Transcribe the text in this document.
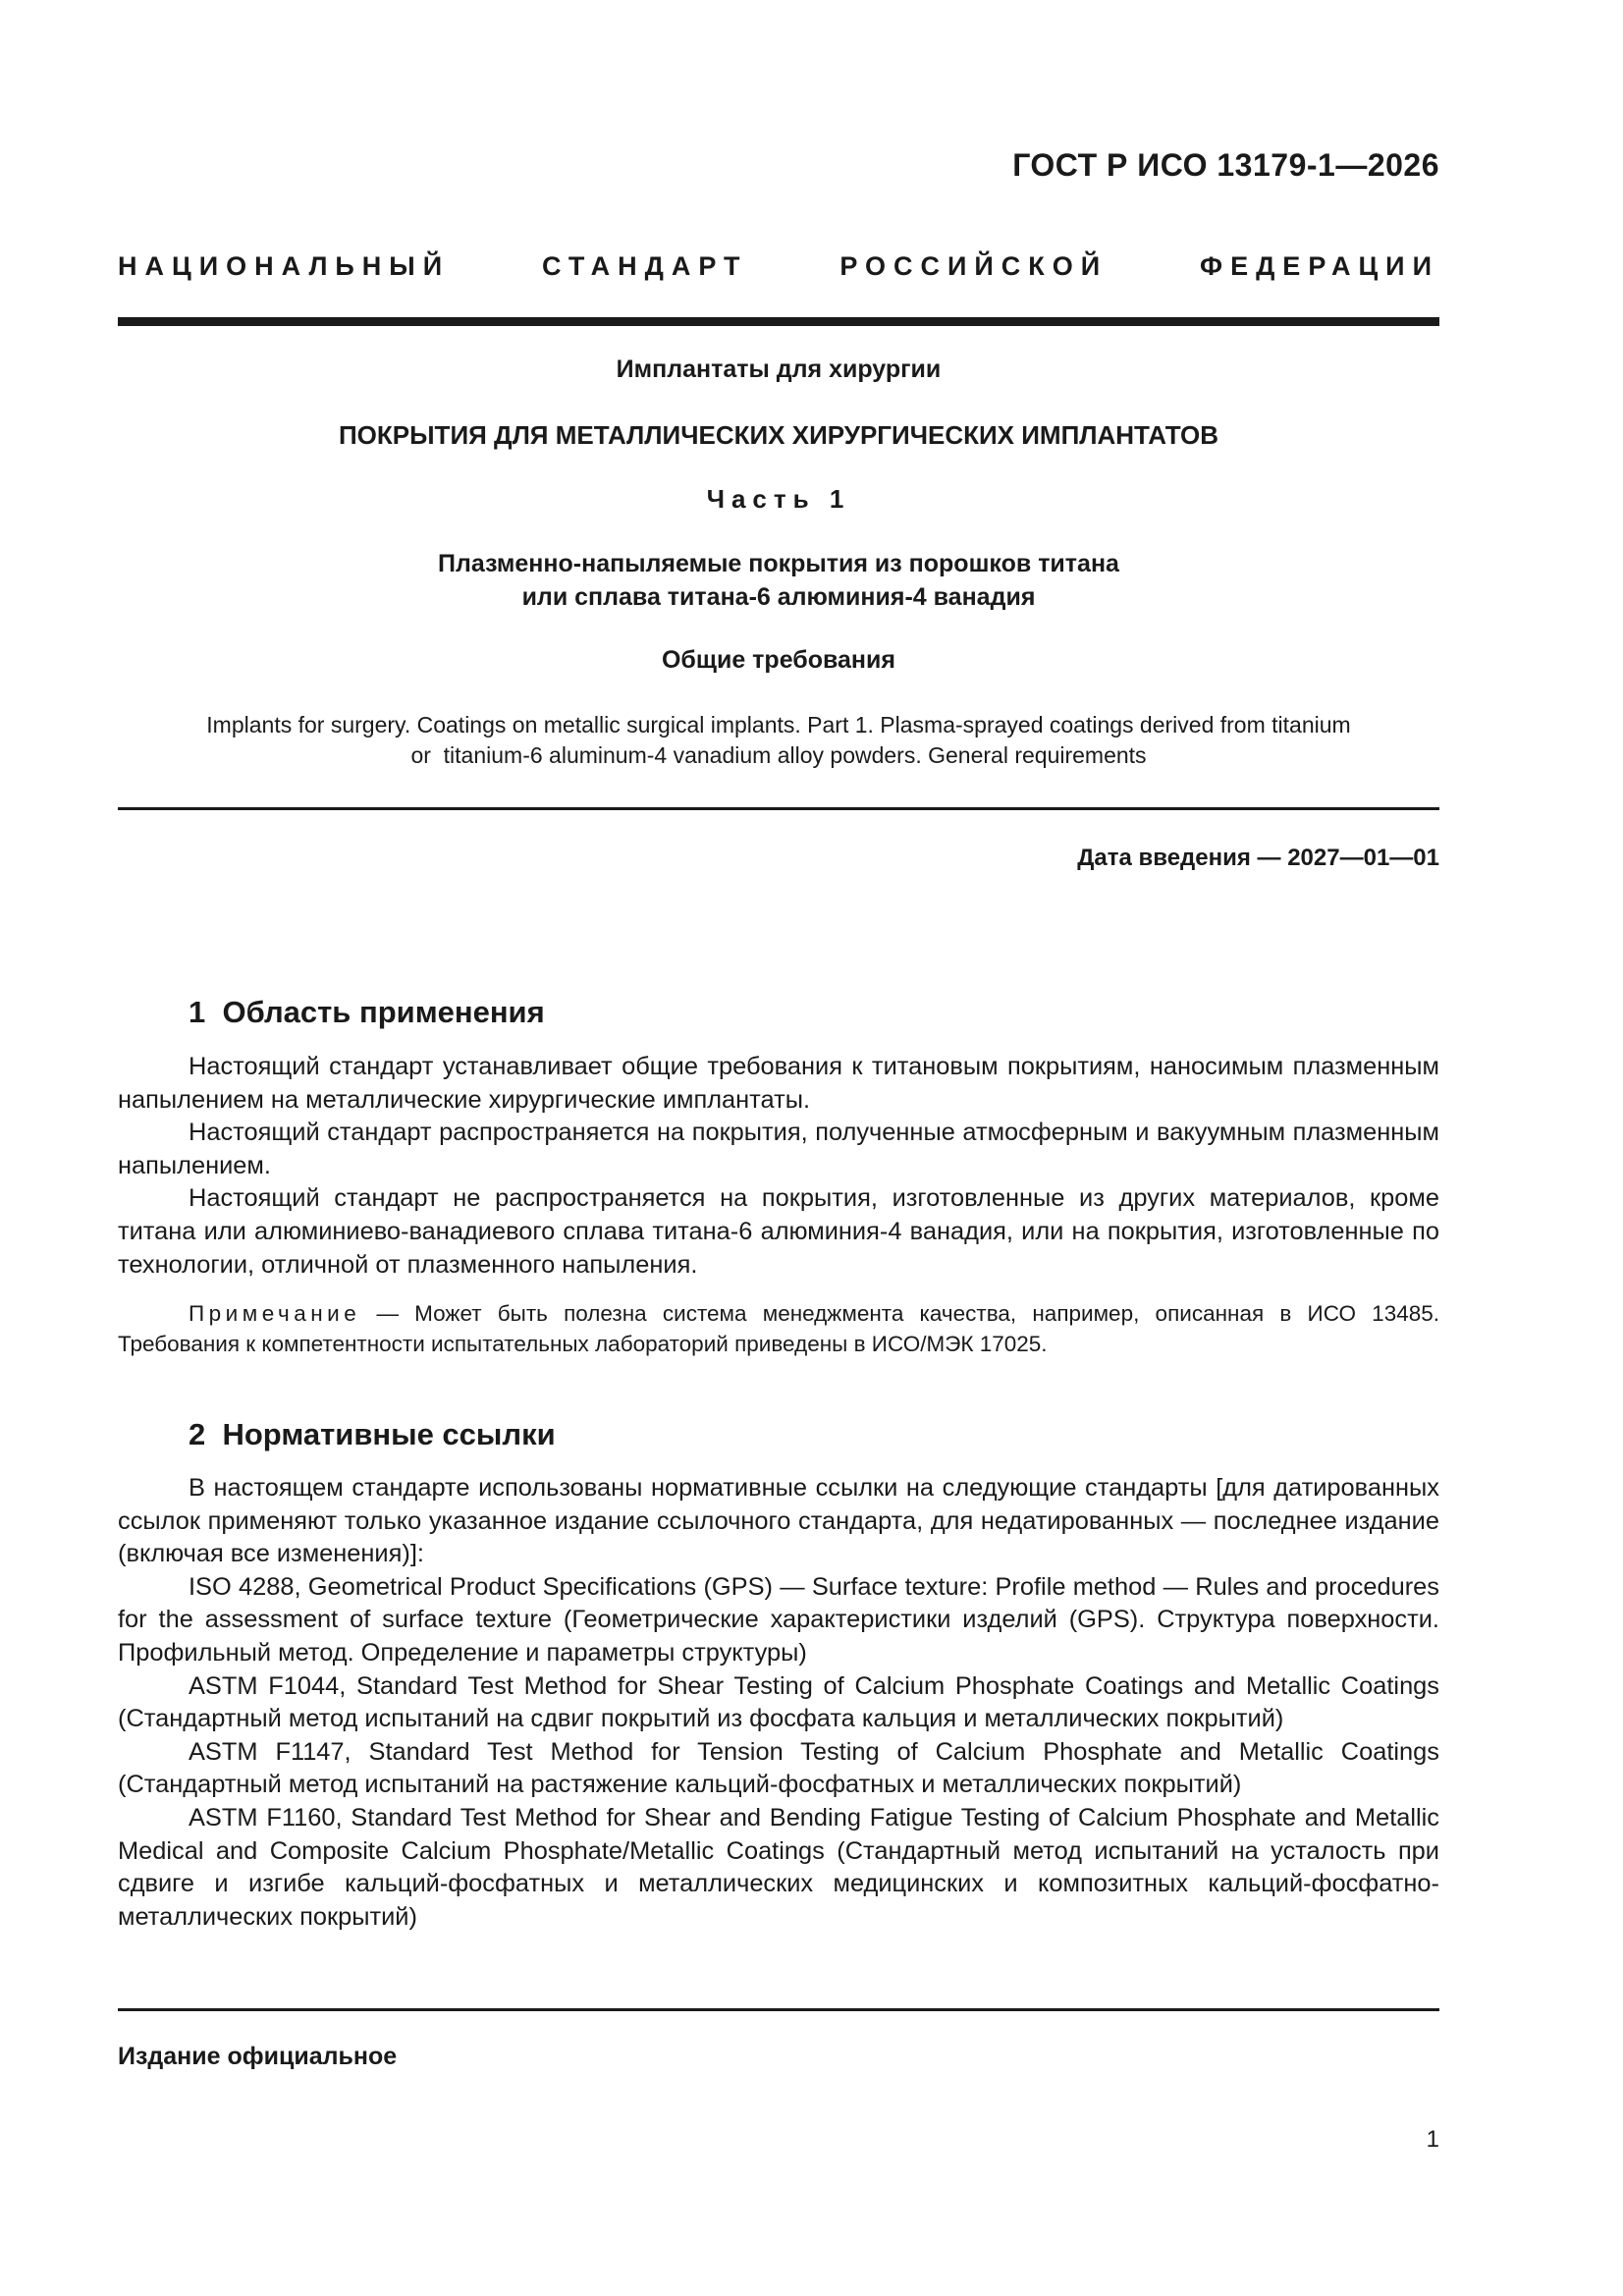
ГОСТ Р ИСО 13179-1—2026
НАЦИОНАЛЬНЫЙ СТАНДАРТ РОССИЙСКОЙ ФЕДЕРАЦИИ
Имплантаты для хирургии
ПОКРЫТИЯ ДЛЯ МЕТАЛЛИЧЕСКИХ ХИРУРГИЧЕСКИХ ИМПЛАНТАТОВ
Часть 1
Плазменно-напыляемые покрытия из порошков титана
или сплава титана-6 алюминия-4 ванадия
Общие требования
Implants for surgery. Coatings on metallic surgical implants. Part 1. Plasma-sprayed coatings derived from titanium
or  titanium-6 aluminum-4 vanadium alloy powders. General requirements
Дата введения — 2027—01—01
1  Область применения

Настоящий стандарт устанавливает общие требования к титановым покрытиям, наносимым плазменным напылением на металлические хирургические имплантаты.

Настоящий стандарт распространяется на покрытия, полученные атмосферным и вакуумным плазменным напылением.

Настоящий стандарт не распространяется на покрытия, изготовленные из других материалов, кроме титана или алюминиево-ванадиевого сплава титана-6 алюминия-4 ванадия, или на покрытия, изготовленные по технологии, отличной от плазменного напыления.

Примечание — Может быть полезна система менеджмента качества, например, описанная в ИСО 13485. Требования к компетентности испытательных лабораторий приведены в ИСО/МЭК 17025.
2  Нормативные ссылки

В настоящем стандарте использованы нормативные ссылки на следующие стандарты [для датированных ссылок применяют только указанное издание ссылочного стандарта, для недатированных — последнее издание (включая все изменения)]:

ISO 4288, Geometrical Product Specifications (GPS) — Surface texture: Profile method — Rules and procedures for the assessment of surface texture (Геометрические характеристики изделий (GPS). Структура поверхности. Профильный метод. Определение и параметры структуры)

ASTM F1044, Standard Test Method for Shear Testing of Calcium Phosphate Coatings and Metallic Coatings (Стандартный метод испытаний на сдвиг покрытий из фосфата кальция и металлических покрытий)

ASTM F1147, Standard Test Method for Tension Testing of Calcium Phosphate and Metallic Coatings (Стандартный метод испытаний на растяжение кальций-фосфатных и металлических покрытий)

ASTM F1160, Standard Test Method for Shear and Bending Fatigue Testing of Calcium Phosphate and Metallic Medical and Composite Calcium Phosphate/Metallic Coatings (Стандартный метод испытаний на усталость при сдвиге и изгибе кальций-фосфатных и металлических медицинских и композитных кальций-фосфатно-металлических покрытий)

Издание официальное
1
